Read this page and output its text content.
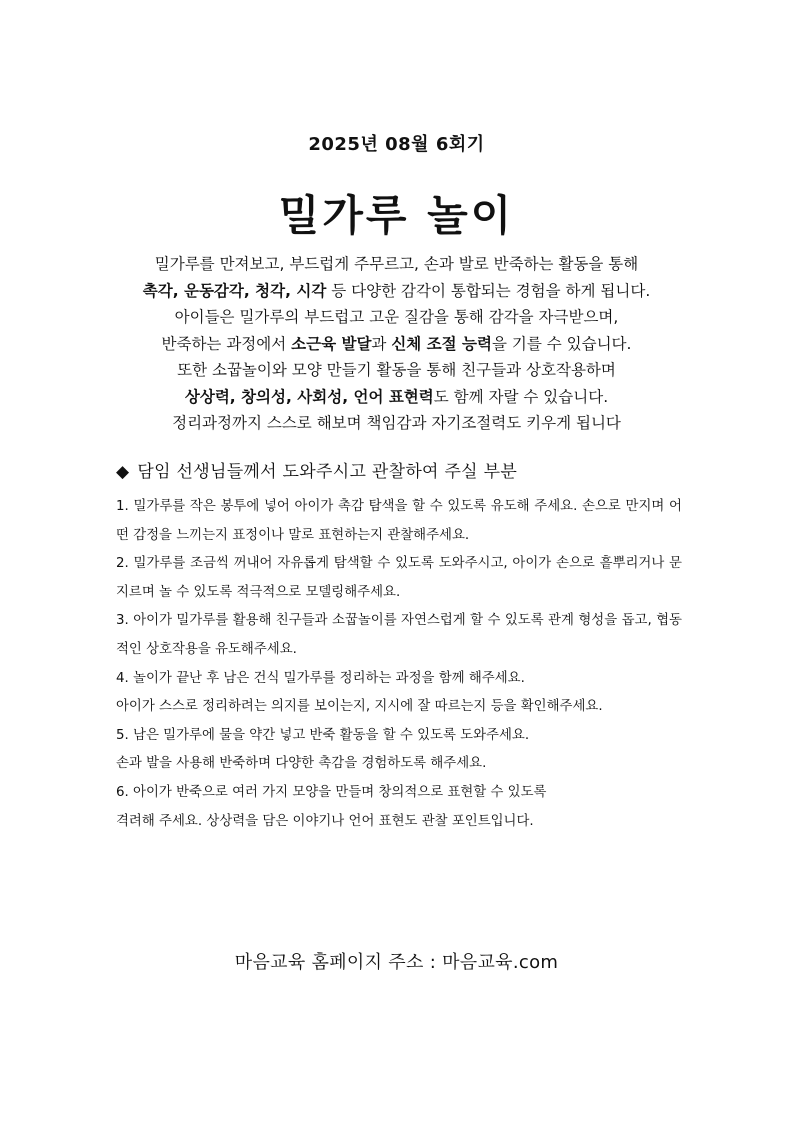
2025년 08월 6회기
밀가루 놀이

밀가루를 만져보고, 부드럽게 주무르고, 손과 발로 반죽하는 활동을 통해

촉각, 운동감각, 청각, 시각 등 다양한 감각이 통합되는 경험을 하게 됩니다.

아이들은 밀가루의 부드럽고 고운 질감을 통해 감각을 자극받으며,

반죽하는 과정에서 소근육 발달과 신체 조절 능력을 기를 수 있습니다.

또한 소꿉놀이와 모양 만들기 활동을 통해 친구들과 상호작용하며

상상력, 창의성, 사회성, 언어 표현력도 함께 자랄 수 있습니다.

정리과정까지 스스로 해보며 책임감과 자기조절력도 키우게 됩니다

◆ 담임 선생님들께서 도와주시고 관찰하여 주실 부분

1. 밀가루를 작은 봉투에 넣어 아이가 촉감 탐색을 할 수 있도록 유도해 주세요. 손으로 만지며 어떤 감정을 느끼는지 표정이나 말로 표현하는지 관찰해주세요.

2. 밀가루를 조금씩 꺼내어 자유롭게 탐색할 수 있도록 도와주시고, 아이가 손으로 흩뿌리거나 문지르며 놀 수 있도록 적극적으로 모델링해주세요.

3. 아이가 밀가루를 활용해 친구들과 소꿉놀이를 자연스럽게 할 수 있도록 관계 형성을 돕고, 협동적인 상호작용을 유도해주세요.

4. 놀이가 끝난 후 남은 건식 밀가루를 정리하는 과정을 함께 해주세요.

아이가 스스로 정리하려는 의지를 보이는지, 지시에 잘 따르는지 등을 확인해주세요.

5. 남은 밀가루에 물을 약간 넣고 반죽 활동을 할 수 있도록 도와주세요.

손과 발을 사용해 반죽하며 다양한 촉감을 경험하도록 해주세요.

6. 아이가 반죽으로 여러 가지 모양을 만들며 창의적으로 표현할 수 있도록

격려해 주세요. 상상력을 담은 이야기나 언어 표현도 관찰 포인트입니다.

마음교육 홈페이지 주소 : 마음교육.com
